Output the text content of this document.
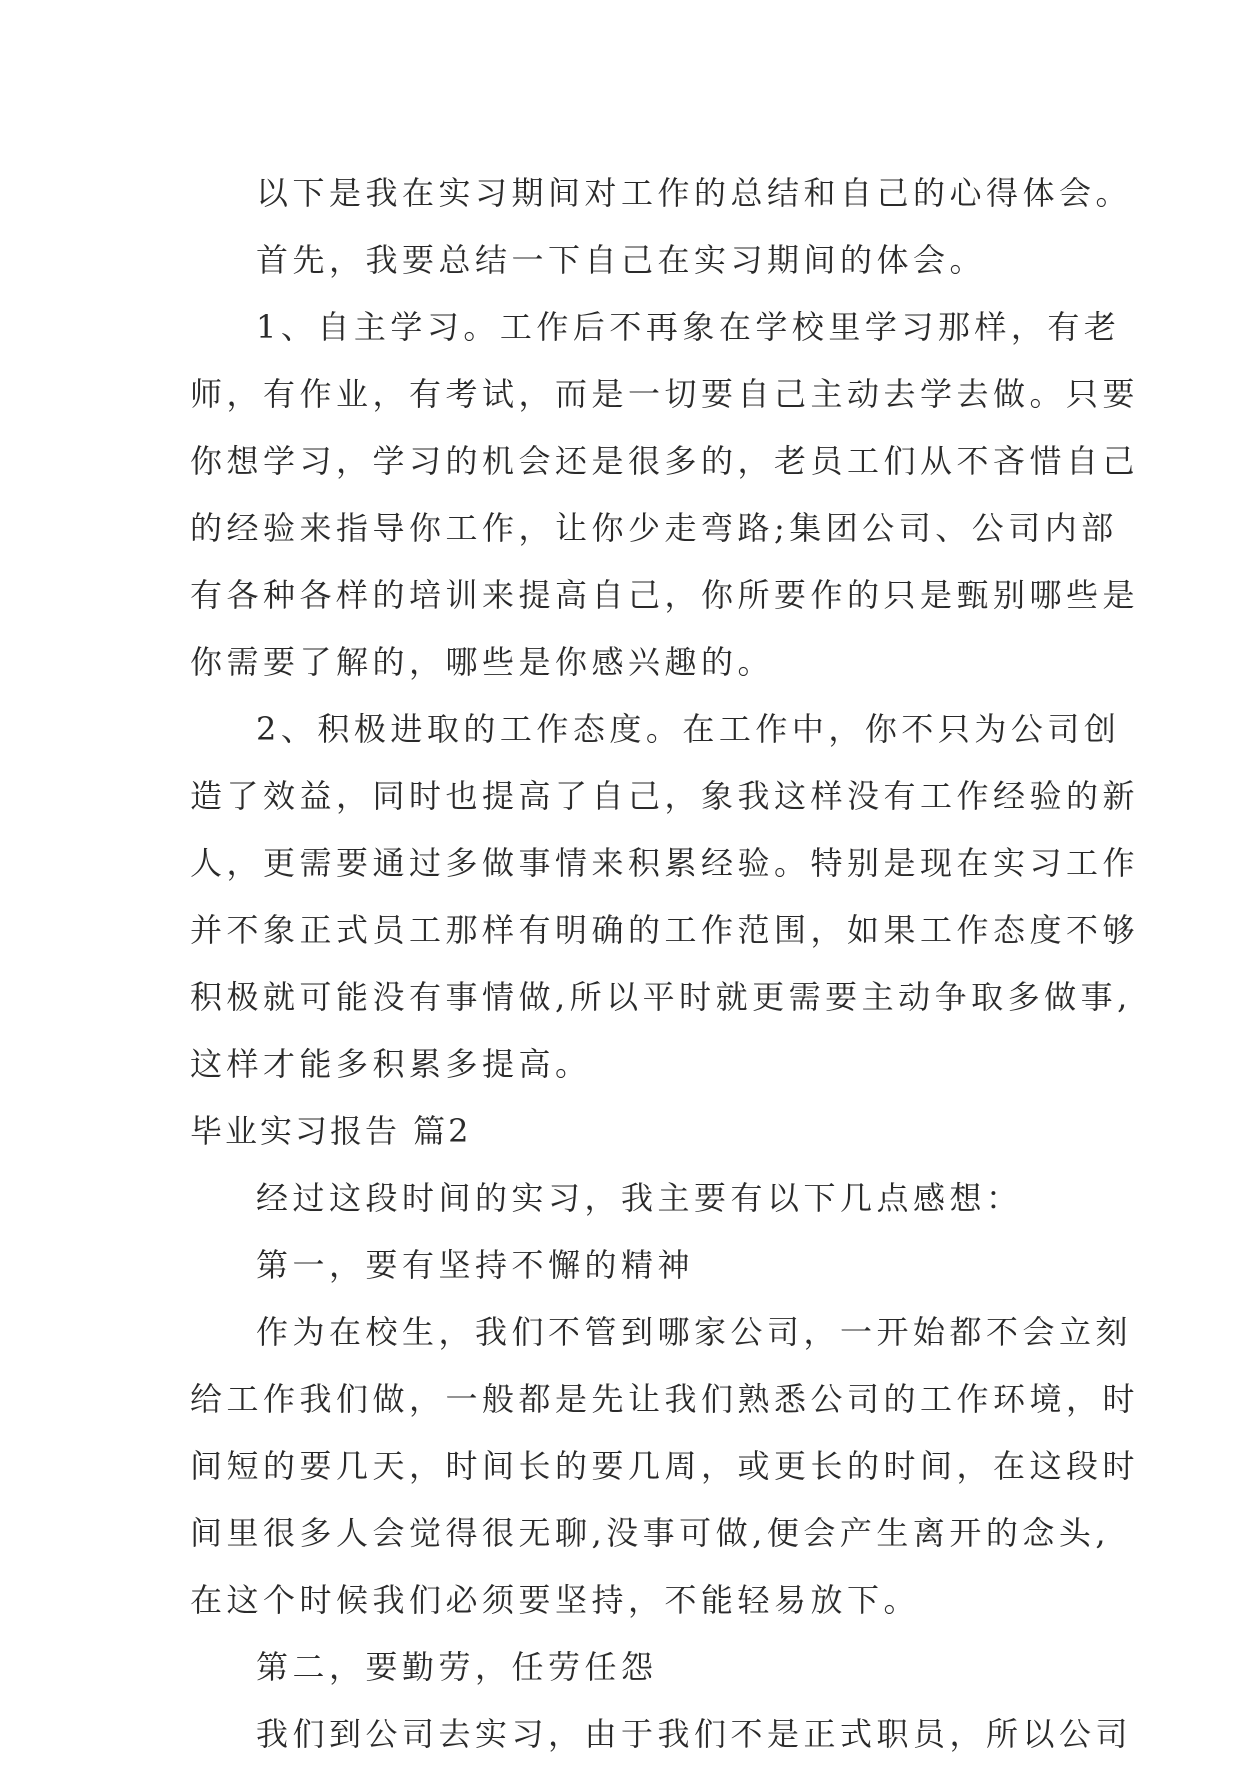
以下是我在实习期间对工作的总结和自己的心得体会。
首先，我要总结一下自己在实习期间的体会。
1、自主学习。工作后不再象在学校里学习那样，有老
师，有作业，有考试，而是一切要自己主动去学去做。只要
你想学习，学习的机会还是很多的，老员工们从不吝惜自己
的经验来指导你工作，让你少走弯路;集团公司、公司内部
有各种各样的培训来提高自己，你所要作的只是甄别哪些是
你需要了解的，哪些是你感兴趣的。
2、积极进取的工作态度。在工作中，你不只为公司创
造了效益，同时也提高了自己，象我这样没有工作经验的新
人，更需要通过多做事情来积累经验。特别是现在实习工作
并不象正式员工那样有明确的工作范围，如果工作态度不够
积极就可能没有事情做,所以平时就更需要主动争取多做事,
这样才能多积累多提高。
毕业实习报告 篇2
经过这段时间的实习，我主要有以下几点感想：
第一，要有坚持不懈的精神
作为在校生，我们不管到哪家公司，一开始都不会立刻
给工作我们做，一般都是先让我们熟悉公司的工作环境，时
间短的要几天，时间长的要几周，或更长的时间，在这段时
间里很多人会觉得很无聊,没事可做,便会产生离开的念头,
在这个时候我们必须要坚持，不能轻易放下。
第二，要勤劳，任劳任怨
我们到公司去实习，由于我们不是正式职员，所以公司
